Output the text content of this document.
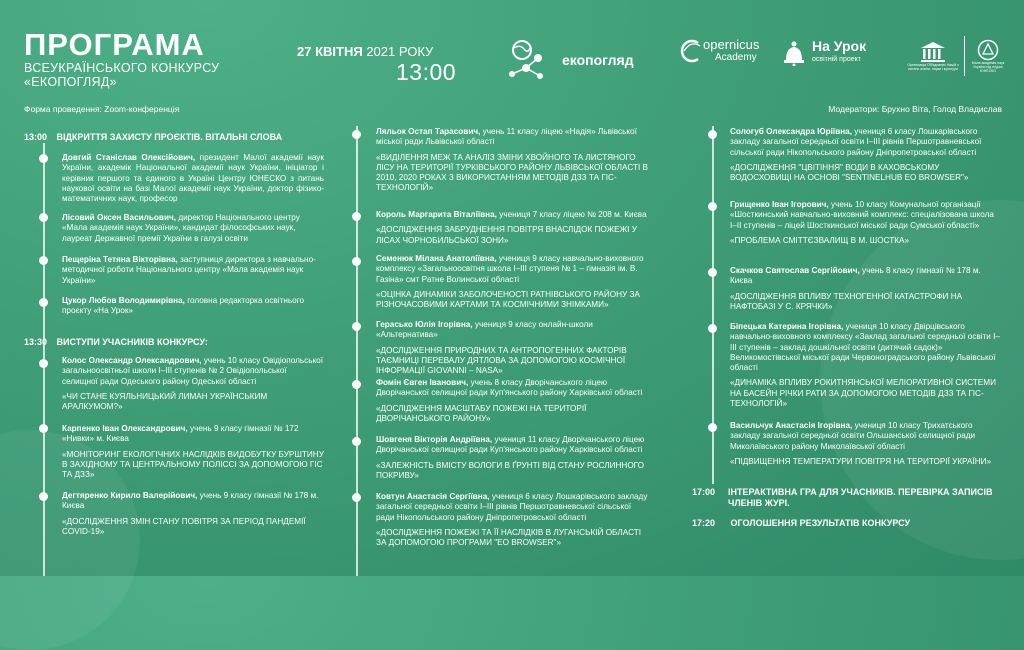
ПРОГРАМА
ВСЕУКРАЇНСЬКОГО КОНКУРСУ
«ЕКОПОГЛЯД»
27 КВІТНЯ 2021 РОКУ
13:00	екопогляд
opernicus
Academy
На Урок
освітній проект
Організація Об'єднаних Націй з питань освіти, науки і культури
Мала академія наук України під егідою ЮНЕСКО
Форма проведення: Zoom-конференція	Модератори: Брухно Віта, Голод Владислав
13:00 ВІДКРИТТЯ ЗАХИСТУ ПРОЄКТІВ. ВІТАЛЬНІ СЛОВА
Довгий Станіслав Олексійович, президент Малої академії наук України, академік Національної академії наук України, ініціатор і керівник першого та єдиного в Україні Центру ЮНЕСКО з питань наукової освіти на базі Малої академії наук України, доктор фізико-математичних наук, професор
Лісовий Оксен Васильович, директор Національного центру «Мала академія наук України», кандидат філософських наук, лауреат Державної премії України в галузі освіти
Пещеріна Тетяна Вікторівна, заступниця директора з навчально-методичної роботи Національного центру «Мала академія наук України»
Цукор Любов Володимирівна, головна редакторка освітнього проєкту «На Урок»
13:30 ВИСТУПИ УЧАСНИКІВ КОНКУРСУ:
Колос Олександр Олександрович, учень 10 класу Овідіопольської загальноосвітньої школи I–III ступенів № 2 Овідіопольської селищної ради Одеського району Одеської області
«ЧИ СТАНЕ КУЯЛЬНИЦЬКИЙ ЛИМАН УКРАЇНСЬКИМ АРАЛКУМОМ?»
Карпенко Іван Олександрович, учень 9 класу гімназії № 172 «Нивки» м. Києва
«МОНІТОРИНГ ЕКОЛОГІЧНИХ НАСЛІДКІВ ВИДОБУТКУ БУРШТИНУ В ЗАХІДНОМУ ТА ЦЕНТРАЛЬНОМУ ПОЛІССІ ЗА ДОПОМОГОЮ ГІС ТА ДЗЗ»
Дегтяренко Кирило Валерійович, учень 9 класу гімназії № 178 м. Києва
«ДОСЛІДЖЕННЯ ЗМІН СТАНУ ПОВІТРЯ ЗА ПЕРІОД ПАНДЕМІЇ COVID-19»
Ляльок Остап Тарасович, учень 11 класу ліцею «Надія» Львівської міської ради Львівської області
«ВИДІЛЕННЯ МЕЖ ТА АНАЛІЗ ЗМІНИ ХВОЙНОГО ТА ЛИСТЯНОГО ЛІСУ НА ТЕРИТОРІЇ ТУРКІВСЬКОГО РАЙОНУ ЛЬВІВСЬКОЇ ОБЛАСТІ В 2010, 2020 РОКАХ З ВИКОРИСТАННЯМ МЕТОДІВ ДЗЗ ТА ГІС-ТЕХНОЛОГІЙ»
Король Маргарита Віталіївна, учениця 7 класу ліцею № 208 м. Києва
«ДОСЛІДЖЕННЯ ЗАБРУДНЕННЯ ПОВІТРЯ ВНАСЛІДОК ПОЖЕЖІ У ЛІСАХ ЧОРНОБИЛЬСЬКОЇ ЗОНИ»
Семенюк Мілана Анатоліївна, учениця 9 класу навчально-виховного комплексу «Загальноосвітня школа I–III ступеня № 1 – гімназія ім. В. Газіна» смт Ратне Волинської області
«ОЦІНКА ДИНАМІКИ ЗАБОЛОЧЕНОСТІ РАТНІВСЬКОГО РАЙОНУ ЗА РІЗНОЧАСОВИМИ КАРТАМИ ТА КОСМІЧНИМИ ЗНІМКАМИ»
Герасько Юлія Ігорівна, учениця 9 класу онлайн-школи «Альтернатива»
«ДОСЛІДЖЕННЯ ПРИРОДНИХ ТА АНТРОПОГЕННИХ ФАКТОРІВ ТАЄМНИЦІ ПЕРЕВАЛУ ДЯТЛОВА ЗА ДОПОМОГОЮ КОСМІЧНОЇ ІНФОРМАЦІЇ GIOVANNI – NASA»
Фомін Євген Іванович, учень 8 класу Дворічанського ліцею Дворічанської селищної ради Куп'янського району Харківської області
«ДОСЛІДЖЕННЯ МАСШТАБУ ПОЖЕЖІ НА ТЕРИТОРІЇ ДВОРІЧАНСЬКОГО РАЙОНУ»
Шовгеня Вікторія Андріївна, учениця 11 класу Дворічанського ліцею Дворічанської селищної ради Куп'янського району Харківської області
«ЗАЛЕЖНІСТЬ ВМІСТУ ВОЛОГИ В ҐРУНТІ ВІД СТАНУ РОСЛИННОГО ПОКРИВУ»
Ковтун Анастасія Сергіївна, учениця 6 класу Лошкарівського закладу загальної середньої освіти I–III рівнів Першотравневської сільської ради Нікопольського району Дніпропетровської області
«ДОСЛІДЖЕННЯ ПОЖЕЖІ ТА ЇЇ НАСЛІДКІВ В ЛУГАНСЬКІЙ ОБЛАСТІ ЗА ДОПОМОГОЮ ПРОГРАМИ "EO BROWSER"»
Сологуб Олександра Юріївна, учениця 6 класу Лошкарівського закладу загальної середньої освіти I–III рівнів Першотравневської сільської ради Нікопольського району Дніпропетровської області
«ДОСЛІДЖЕННЯ "ЦВІТІННЯ" ВОДИ В КАХОВСЬКОМУ ВОДОСХОВИЩІ НА ОСНОВІ "SENTINELHUB EO BROWSER"»
Грищенко Іван Ігорович, учень 10 класу Комунальної організації «Шосткинський навчально-виховний комплекс: спеціалізована школа I–II ступенів – ліцей Шосткинської міської ради Сумської області»
«ПРОБЛЕМА СМІТТЄЗВАЛИЩ В М. ШОСТКА»
Скачков Святослав Сергійович, учень 8 класу гімназії № 178 м. Києва
«ДОСЛІДЖЕННЯ ВПЛИВУ ТЕХНОГЕННОЇ КАТАСТРОФИ НА НАФТОБАЗІ У С. КРЯЧКИ»
Біпецька Катерина Ігорівна, учениця 10 класу Двірцівського навчально-виховного комплексу «Заклад загальної середньої освіти I–III ступенів – заклад дошкільної освіти (дитячий садок)» Великомостівської міської ради Червоноградського району Львівської області
«ДИНАМІКА ВПЛИВУ РОКИТНЯНСЬКОЇ МЕЛІОРАТИВНОЇ СИСТЕМИ НА БАСЕЙН РІЧКИ РАТИ ЗА ДОПОМОГОЮ МЕТОДІВ ДЗЗ ТА ГІС-ТЕХНОЛОГІЙ»
Васильчук Анастасія Ігорівна, учениця 10 класу Трихатського закладу загальної середньої освіти Ольшанської селищної ради Миколаївського району Миколаївської області
«ПІДВИЩЕННЯ ТЕМПЕРАТУРИ ПОВІТРЯ НА ТЕРИТОРІЇ УКРАЇНИ»
17:00 ІНТЕРАКТИВНА ГРА ДЛЯ УЧАСНИКІВ. ПЕРЕВІРКА ЗАПИСІВ ЧЛЕНІВ ЖУРІ.
17:20 ОГОЛОШЕННЯ РЕЗУЛЬТАТІВ КОНКУРСУ
